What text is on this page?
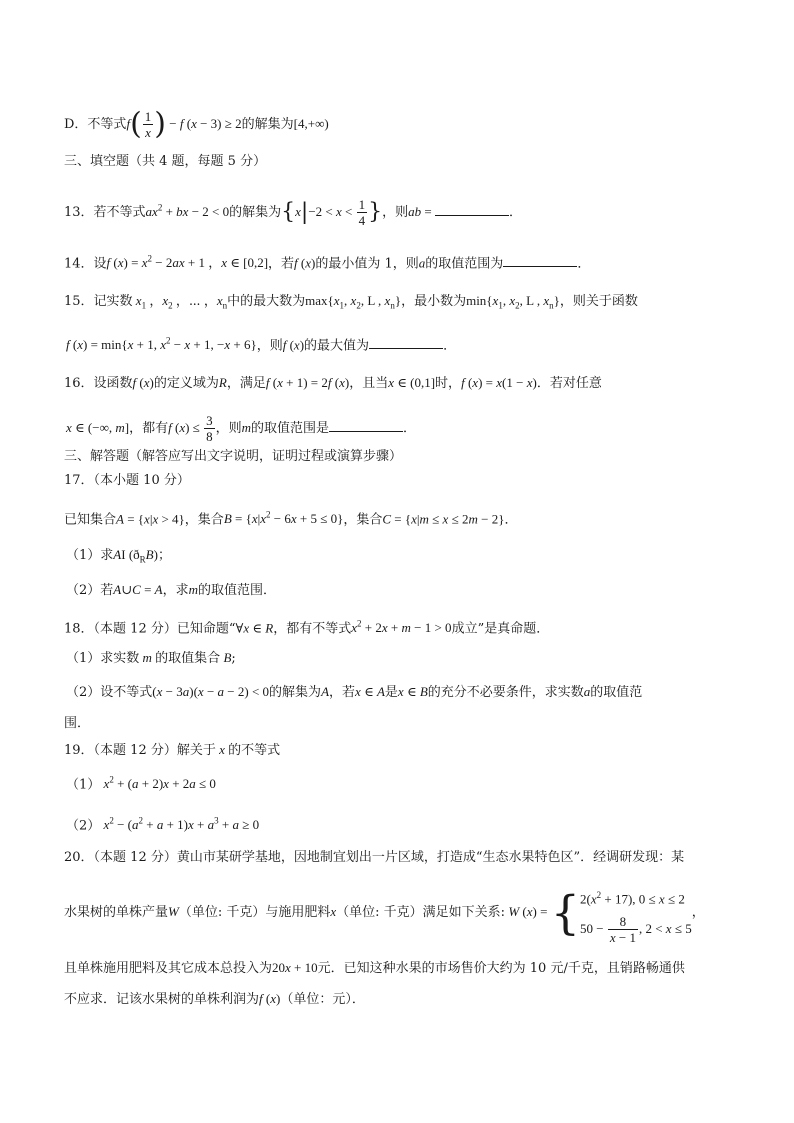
D．不等式$f( \frac{1}{x}$ ) − f (x − 3) ≥ 2的解集为[4,+∞)
三、填空题（共 4 题，每题 5 分）
13．若不等式$ax^2$ + bx − 2 < 0的解集为{$x|-2 < x < \frac{1}{4}$ }，则ab =	．
14．设f $(x) = x^2 - 2ax + 1$ ，x ∈ [0,2]，若f (x)的最小值为 1，则a的取值范围为	．
15．记实数 $x_1$ ，$x_2$ ，⋯ ，$x_n$中的最大数为$\max\{x_1$, $x_2$, L , $x_n$}，最小数为$\min\{x_1$, $x_2$, L , $x_n$}，则关于函数
f (x) = min{x + 1, $x^2 - x + 1$, −x + 6}，则f (x)的最大值为	．
16．设函数f (x)的定义域为R，满足f (x + 1) = 2f (x)，且当x ∈ (0,1]时，f (x) = x(1 − x)．若对任意
x ∈ (−∞, m]，都有f $(x) \le \frac{3}{8}$ ，则m的取值范围是	．
三、解答题（解答应写出文字说明，证明过程或演算步骤）
17．（本小题 10 分）
已知集合A = {x|x > 4}，集合$B = \{x|x^2 - 6x + 5 \le 0\}$，集合C = {x|m ≤ x ≤ 2m − 2}．
（1）求AI $(ð_RB)$；
（2）若A∪C = A，求m的取值范围．
18．（本题 12 分）已知命题“∀x ∈ R，都有不等式$x^2 + 2x + m - 1 > 0$成立”是真命题．
（1）求实数 m 的取值集合 B;
（2）设不等式(x − 3a)(x − a − 2) < 0的解集为A，若x ∈ A是x ∈ B的充分不必要条件，求实数a的取值范
围．
19．（本题 12 分）解关于 x 的不等式
（1） $x^2 + (a + 2)x + 2a \le 0$
（2） $x^2 - (a^2 + a + 1)x + a^3 + a \ge 0$
20．（本题 12 分）黄山市某研学基地，因地制宜划出一片区域，打造成“生态水果特色区”．经调研发现：某
水果树的单株产量W（单位: 千克）与施用肥料x（单位: 千克）满足如下关系: W (x) = { $2(x^2 + 17)$, 0 ≤ x ≤ 2
$50 - \frac{8}{x - 1}$ , 2 < x ≤ 5
，
且单株施用肥料及其它成本总投入为20x + 10元．已知这种水果的市场售价大约为 10 元/千克，且销路畅通供
不应求．记该水果树的单株利润为f (x)（单位：元）．
